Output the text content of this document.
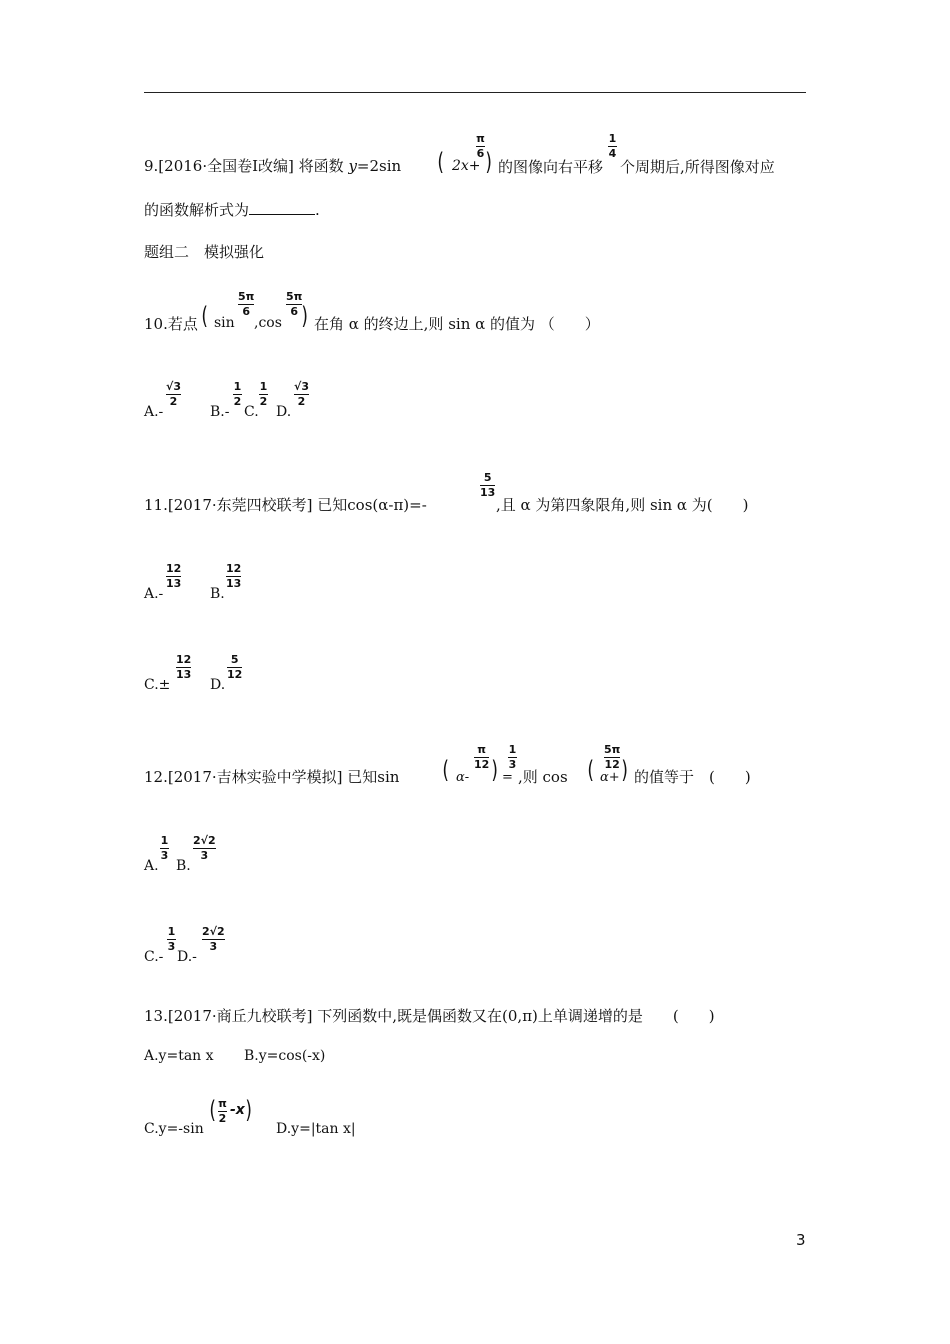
9.[2016·全国卷Ⅰ改编] 将函数 y=2sin ( 2x+
π
6 ) 的图像向右平移
1
4
个周期后,所得图像对应
的函数解析式为	.
题组二　模拟强化
10.若点 ( sin
5π
6
,cos
5π
6 ) 在角 α 的终边上,则 sin α 的值为 （　　）
A.-
√3
2
B.-
1
2
C.
1
2
D.
√3
2
11.[2017·东莞四校联考] 已知cos(α-π)=-
5
13
,且 α 为第四象限角,则 sin α 为(　　)
A.-
12
13
B.
12
13
C.±
12
13
D.
5
12
12.[2017·吉林实验中学模拟] 已知sin ( α-
π
12 ) =
1
3
,则 cos ( α+
5π
12 ) 的值等于　(　　)
A.
1
3
B.
2√2
3
C.-
1
3
D.-
2√2
3
13.[2017·商丘九校联考] 下列函数中,既是偶函数又在(0,π)上单调递增的是　　(　　)
A.y=tan x B.y=cos(-x)
C.y=-sin
( π
2
-x )
D.y=|tan x|
3
